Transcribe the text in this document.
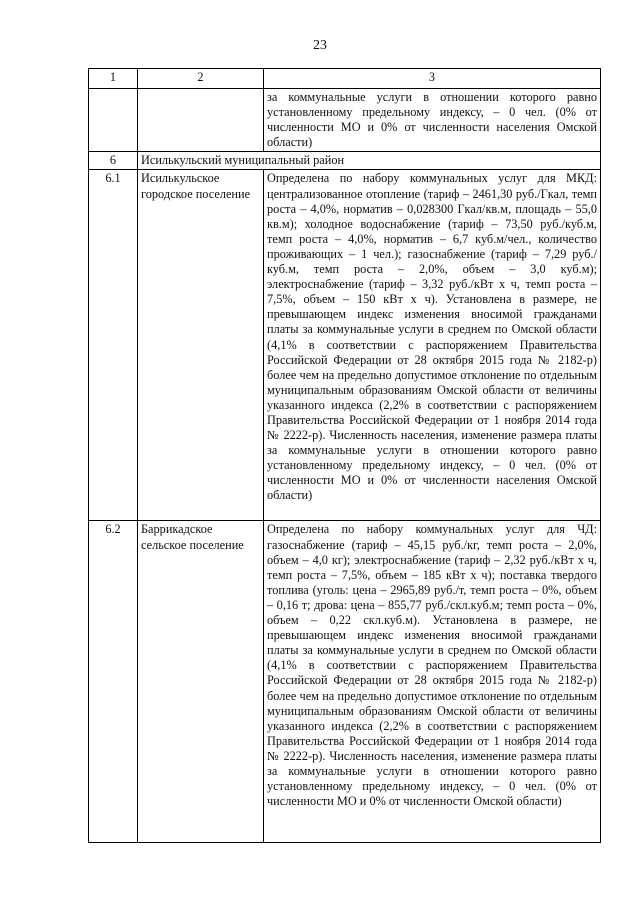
23
1	2	3
		за коммунальные услуги в отношении которого равно установленному предельному индексу, – 0 чел. (0% от численности МО и 0% от численности населения Омской области)
6	Исилькульский муниципальный район	
6.1	Исилькульское городское поселение	Определена по набору коммунальных услуг для МКД: централизованное отопление (тариф – 2461,30 руб./Гкал, темп роста – 4,0%, норматив – 0,028300 Гкал/кв.м, площадь – 55,0 кв.м); холодное водоснабжение (тариф – 73,50 руб./куб.м, темп роста – 4,0%, норматив – 6,7 куб.м/чел., количество проживающих – 1 чел.); газоснабжение (тариф – 7,29 руб./куб.м, темп роста – 2,0%, объем – 3,0 куб.м); электроснабжение (тариф – 3,32 руб./кВт х ч, темп роста – 7,5%, объем – 150 кВт х ч). Установлена в размере, не превышающем индекс изменения вносимой гражданами платы за коммунальные услуги в среднем по Омской области (4,1% в соответствии с распоряжением Правительства Российской Федерации от 28 октября 2015 года № 2182-р) более чем на предельно допустимое отклонение по отдельным муниципальным образованиям Омской области от величины указанного индекса (2,2% в соответствии с распоряжением Правительства Российской Федерации от 1 ноября 2014 года № 2222-р). Численность населения, изменение размера платы за коммунальные услуги в отношении которого равно установленному предельному индексу, – 0 чел. (0% от численности МО и 0% от численности населения Омской области)
6.2	Баррикадское сельское поселение	Определена по набору коммунальных услуг для ЧД: газоснабжение (тариф – 45,15 руб./кг, темп роста – 2,0%, объем – 4,0 кг); электроснабжение (тариф – 2,32 руб./кВт х ч, темп роста – 7,5%, объем – 185 кВт х ч); поставка твердого топлива (уголь: цена – 2965,89 руб./т, темп роста – 0%, объем – 0,16 т; дрова: цена – 855,77 руб./скл.куб.м; темп роста – 0%, объем – 0,22 скл.куб.м). Установлена в размере, не превышающем индекс изменения вносимой гражданами платы за коммунальные услуги в среднем по Омской области (4,1% в соответствии с распоряжением Правительства Российской Федерации от 28 октября 2015 года № 2182-р) более чем на предельно допустимое отклонение по отдельным муниципальным образованиям Омской области от величины указанного индекса (2,2% в соответствии с распоряжением Правительства Российской Федерации от 1 ноября 2014 года № 2222-р). Численность населения, изменение размера платы за коммунальные услуги в отношении которого равно установленному предельному индексу, – 0 чел. (0% от численности МО и 0% от численности Омской области)
